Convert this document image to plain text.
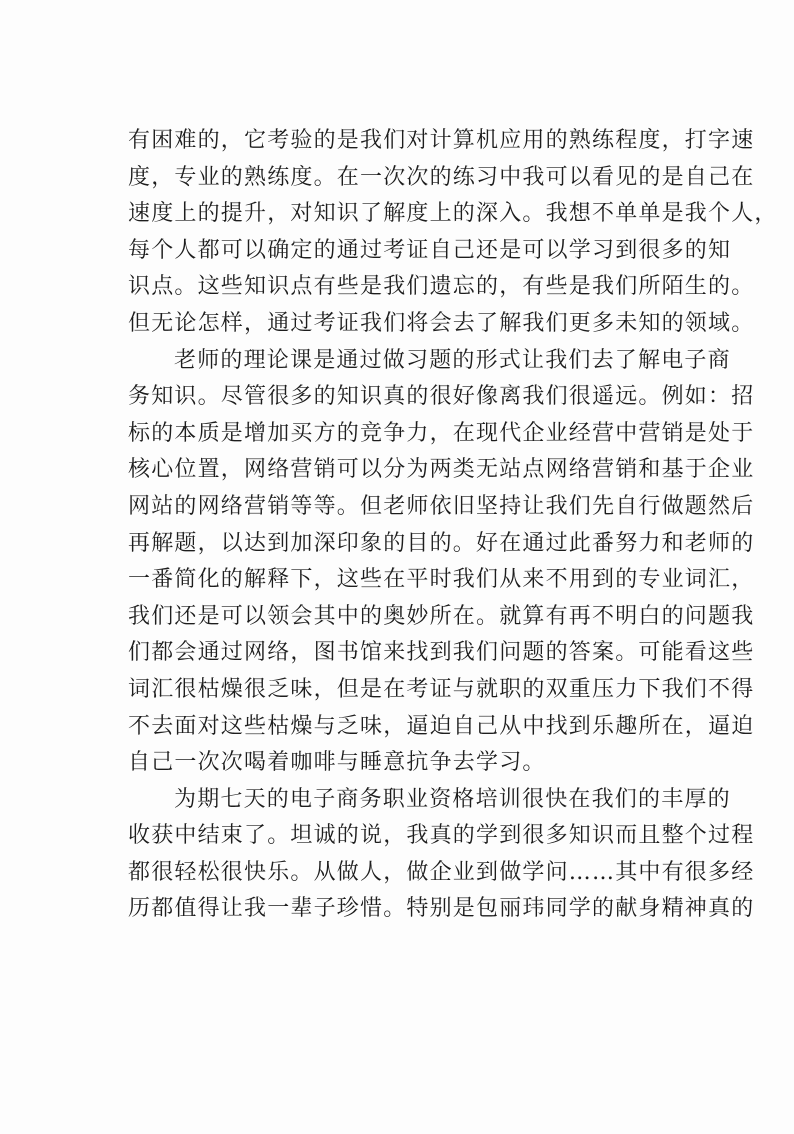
有困难的，它考验的是我们对计算机应用的熟练程度，打字速
度，专业的熟练度。在一次次的练习中我可以看见的是自己在
速度上的提升，对知识了解度上的深入。我想不单单是我个人，
每个人都可以确定的通过考证自己还是可以学习到很多的知
识点。这些知识点有些是我们遗忘的，有些是我们所陌生的。
但无论怎样，通过考证我们将会去了解我们更多未知的领域。
老师的理论课是通过做习题的形式让我们去了解电子商
务知识。尽管很多的知识真的很好像离我们很遥远。例如：招
标的本质是增加买方的竞争力，在现代企业经营中营销是处于
核心位置，网络营销可以分为两类无站点网络营销和基于企业
网站的网络营销等等。但老师依旧坚持让我们先自行做题然后
再解题，以达到加深印象的目的。好在通过此番努力和老师的
一番简化的解释下，这些在平时我们从来不用到的专业词汇，
我们还是可以领会其中的奥妙所在。就算有再不明白的问题我
们都会通过网络，图书馆来找到我们问题的答案。可能看这些
词汇很枯燥很乏味，但是在考证与就职的双重压力下我们不得
不去面对这些枯燥与乏味，逼迫自己从中找到乐趣所在，逼迫
自己一次次喝着咖啡与睡意抗争去学习。
为期七天的电子商务职业资格培训很快在我们的丰厚的
收获中结束了。坦诚的说，我真的学到很多知识而且整个过程
都很轻松很快乐。从做人，做企业到做学问……其中有很多经
历都值得让我一辈子珍惜。特别是包丽玮同学的献身精神真的
